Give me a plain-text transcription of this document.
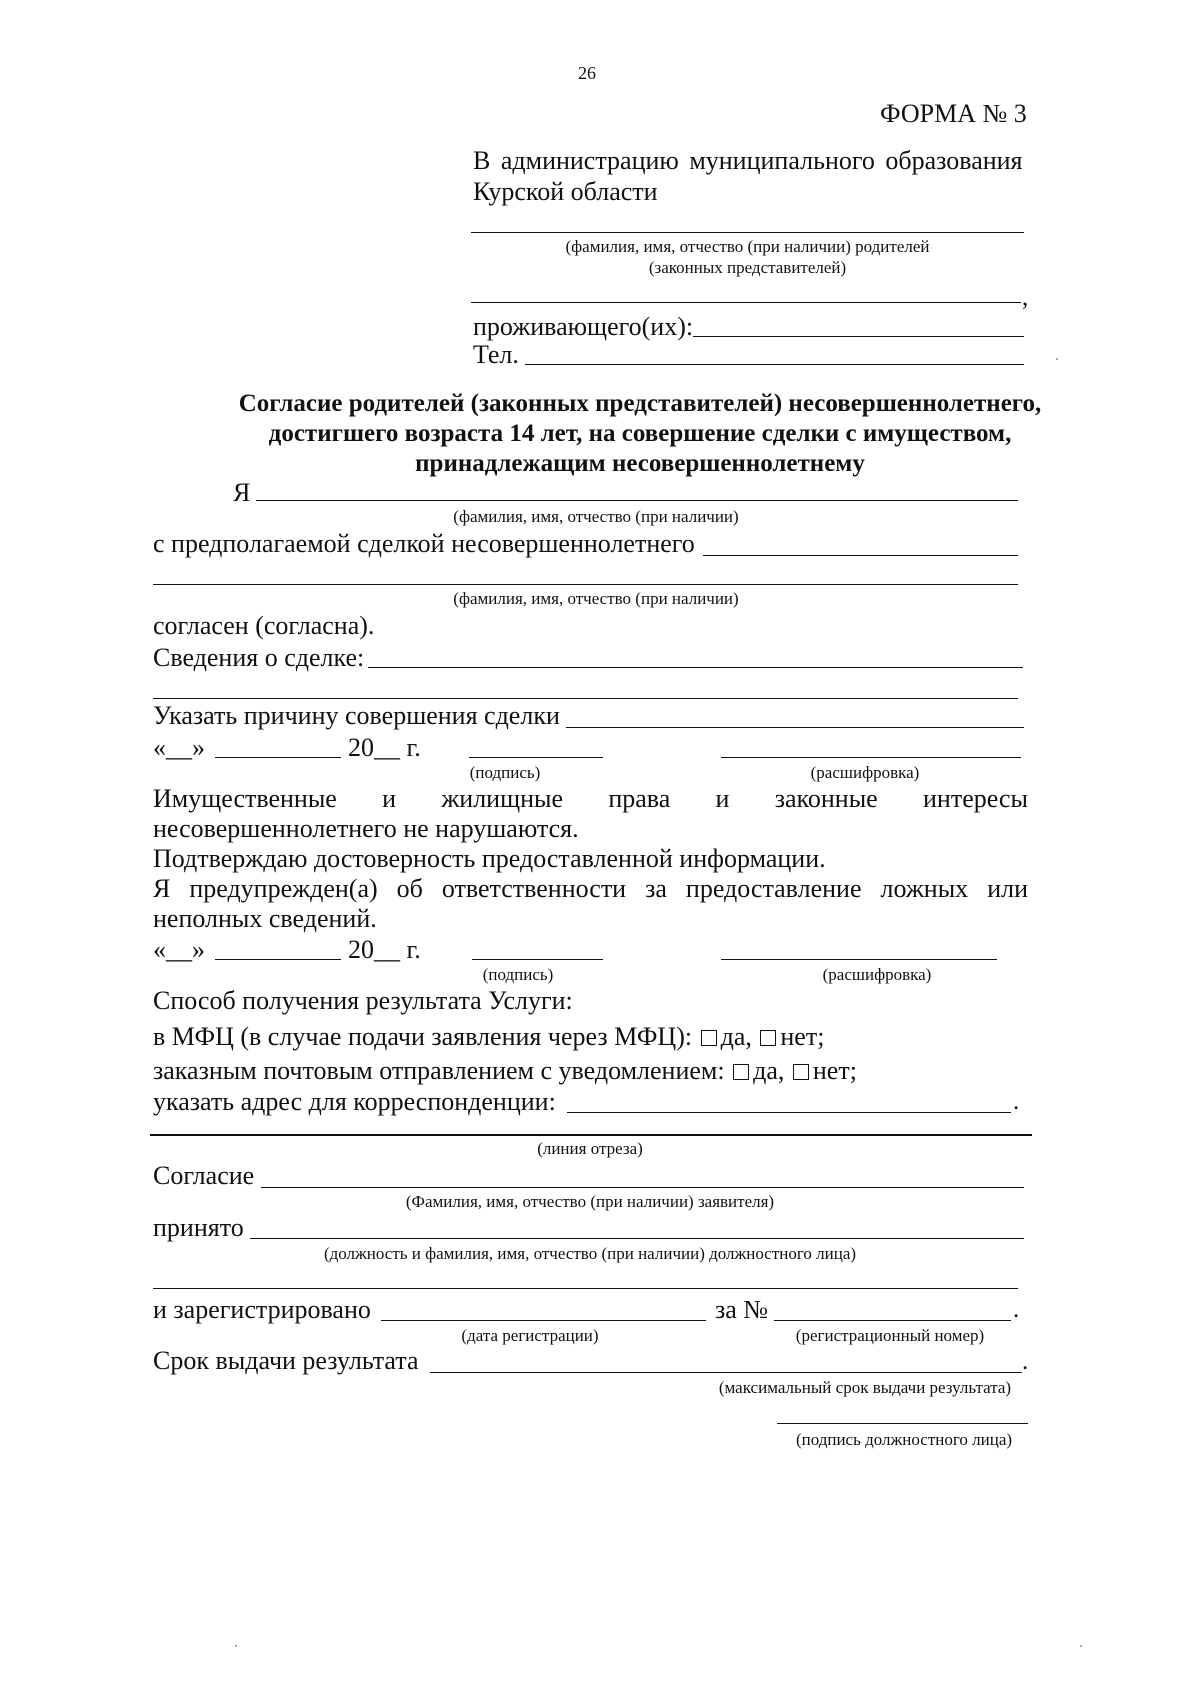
26
ФОРМА № 3
В администрацию муниципального образования
Курской области
(фамилия, имя, отчество (при наличии) родителей
(законных представителей)
,
проживающего(их):
Тел.
Согласие родителей (законных представителей) несовершеннолетнего,
достигшего возраста 14 лет, на совершение сделки с имуществом,
принадлежащим несовершеннолетнему
Я
(фамилия, имя, отчество (при наличии)
с предполагаемой сделкой несовершеннолетнего
(фамилия, имя, отчество (при наличии)
согласен (согласна).
Сведения о сделке:
Указать причину совершения сделки
«__»	20__ г.
(подпись)	(расшифровка)
Имущественные и жилищные права и законные интересы
несовершеннолетнего не нарушаются.
Подтверждаю достоверность предоставленной информации.
Я предупрежден(а) об ответственности за предоставление ложных или
неполных сведений.
«__»	20__ г.
(подпись)	(расшифровка)
Способ получения результата Услуги:
в МФЦ (в случае подачи заявления через МФЦ): да, нет;
заказным почтовым отправлением с уведомлением: да, нет;
указать адрес для корреспонденции:	.
(линия отреза)
Согласие
(Фамилия, имя, отчество (при наличии) заявителя)
принято
(должность и фамилия, имя, отчество (при наличии) должностного лица)
и зарегистрировано	за №	.
(дата регистрации)	(регистрационный номер)
Срок выдачи результата	.
(максимальный срок выдачи результата)
(подпись должностного лица)
